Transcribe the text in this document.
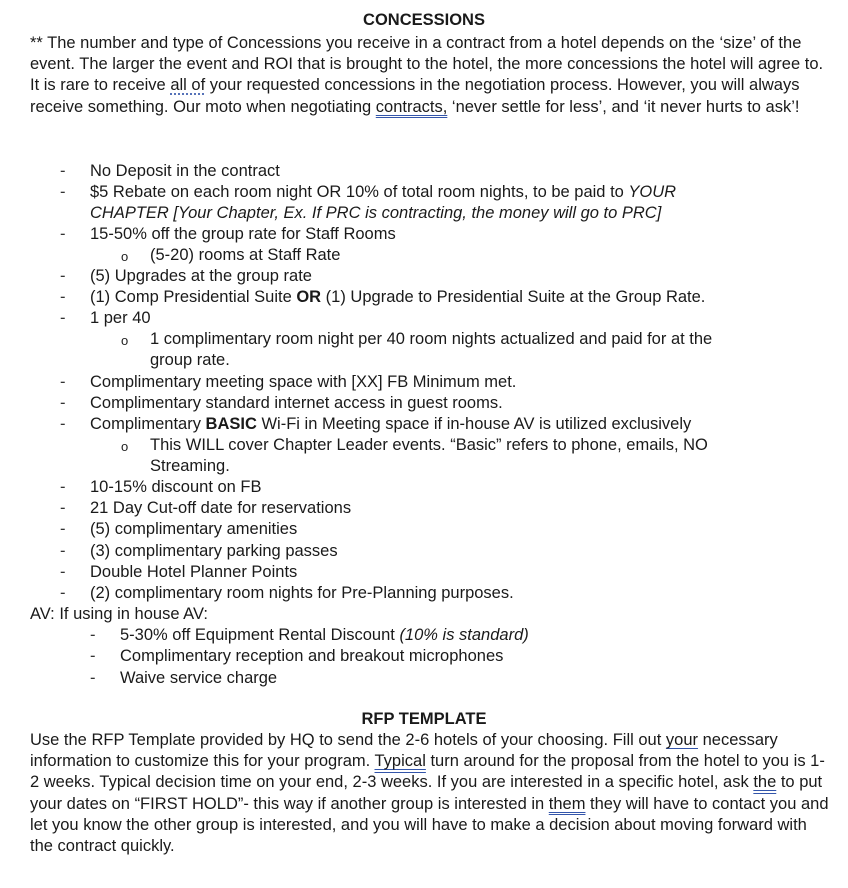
CONCESSIONS
** The number and type of Concessions you receive in a contract from a hotel depends on the ‘size’ of the event. The larger the event and ROI that is brought to the hotel, the more concessions the hotel will agree to. It is rare to receive all of your requested concessions in the negotiation process. However, you will always receive something. Our moto when negotiating contracts, ‘never settle for less’, and ‘it never hurts to ask’!
- No Deposit in the contract
- $5 Rebate on each room night OR 10% of total room nights, to be paid to YOUR
CHAPTER [Your Chapter, Ex. If PRC is contracting, the money will go to PRC]
- 15-50% off the group rate for Staff Rooms
o (5-20) rooms at Staff Rate
- (5) Upgrades at the group rate
- (1) Comp Presidential Suite OR (1) Upgrade to Presidential Suite at the Group Rate.
- 1 per 40
o 1 complimentary room night per 40 room nights actualized and paid for at the
group rate.
- Complimentary meeting space with [XX] FB Minimum met.
- Complimentary standard internet access in guest rooms.
- Complimentary BASIC Wi-Fi in Meeting space if in-house AV is utilized exclusively
o This WILL cover Chapter Leader events. “Basic” refers to phone, emails, NO
Streaming.
- 10-15% discount on FB
- 21 Day Cut-off date for reservations
- (5) complimentary amenities
- (3) complimentary parking passes
- Double Hotel Planner Points
- (2) complimentary room nights for Pre-Planning purposes.
AV: If using in house AV:
- 5-30% off Equipment Rental Discount (10% is standard)
- Complimentary reception and breakout microphones
- Waive service charge
RFP TEMPLATE
Use the RFP Template provided by HQ to send the 2-6 hotels of your choosing. Fill out your necessary information to customize this for your program. Typical turn around for the proposal from the hotel to you is 1-2 weeks. Typical decision time on your end, 2-3 weeks. If you are interested in a specific hotel, ask the to put your dates on “FIRST HOLD”- this way if another group is interested in them they will have to contact you and let you know the other group is interested, and you will have to make a decision about moving forward with the contract quickly.
